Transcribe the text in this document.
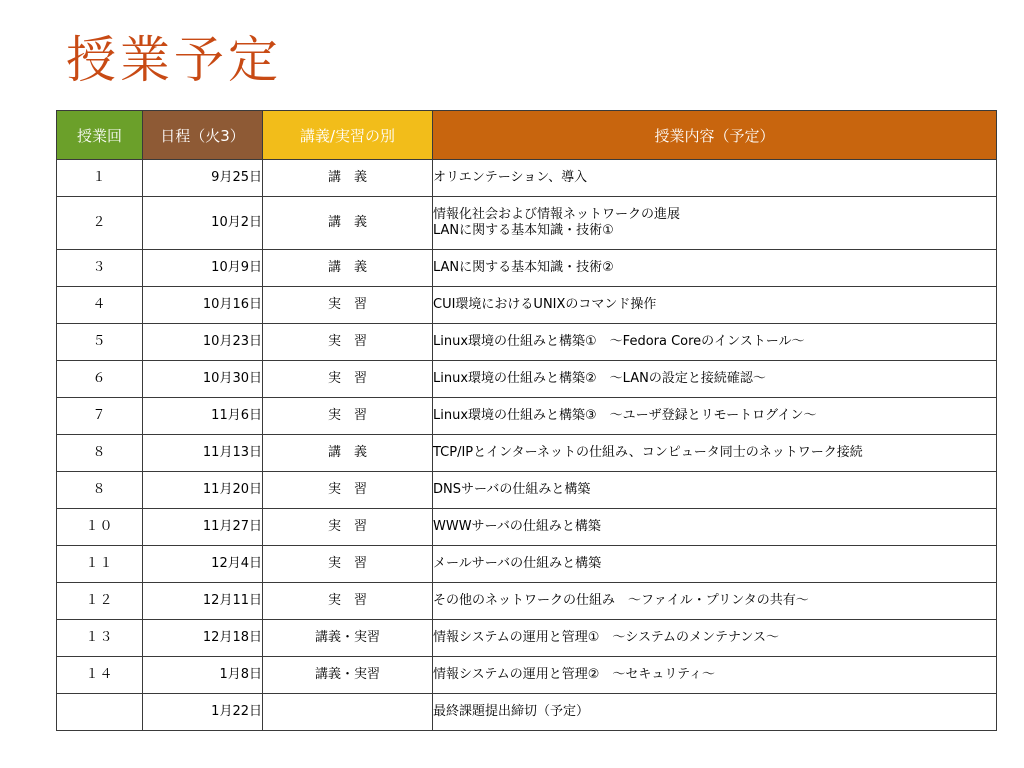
授業予定
授業回	日程（火3）	講義/実習の別	授業内容（予定）
１	9月25日	講　義	オリエンテーション、導入

２	10月2日	講　義	情報化社会および情報ネットワークの進展
LANに関する基本知識・技術①

３	10月9日	講　義	LANに関する基本知識・技術②

４	10月16日	実　習	CUI環境におけるUNIXのコマンド操作

５	10月23日	実　習	Linux環境の仕組みと構築①　～Fedora Coreのインストール～

６	10月30日	実　習	Linux環境の仕組みと構築②　～LANの設定と接続確認～

７	11月6日	実　習	Linux環境の仕組みと構築③　～ユーザ登録とリモートログイン～

８	11月13日	講　義	TCP/IPとインターネットの仕組み、コンピュータ同士のネットワーク接続

８	11月20日	実　習	DNSサーバの仕組みと構築

１０	11月27日	実　習	WWWサーバの仕組みと構築

１１	12月4日	実　習	メールサーバの仕組みと構築

１２	12月11日	実　習	その他のネットワークの仕組み　～ファイル・プリンタの共有～

１３	12月18日	講義・実習	情報システムの運用と管理①　～システムのメンテナンス～

１４	1月8日	講義・実習	情報システムの運用と管理②　～セキュリティ～

	1月22日		最終課題提出締切（予定）
